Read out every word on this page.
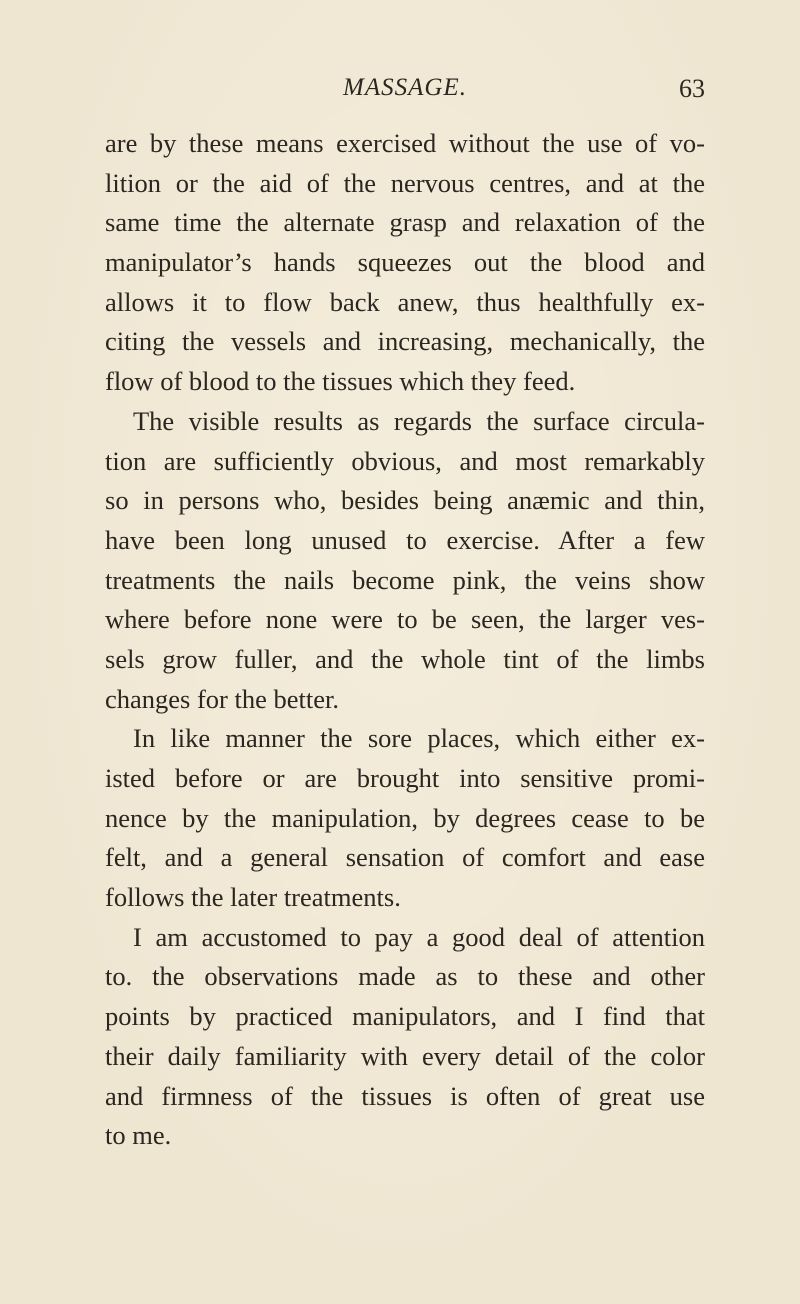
MASSAGE.	63
are by these means exercised without the use of vo-
lition or the aid of the nervous centres, and at the
same time the alternate grasp and relaxation of the
manipulator’s hands squeezes out the blood and
allows it to flow back anew, thus healthfully ex-
citing the vessels and increasing, mechanically, the
flow of blood to the tissues which they feed.
The visible results as regards the surface circula-
tion are sufficiently obvious, and most remarkably
so in persons who, besides being anæmic and thin,
have been long unused to exercise. After a few
treatments the nails become pink, the veins show
where before none were to be seen, the larger ves-
sels grow fuller, and the whole tint of the limbs
changes for the better.
In like manner the sore places, which either ex-
isted before or are brought into sensitive promi-
nence by the manipulation, by degrees cease to be
felt, and a general sensation of comfort and ease
follows the later treatments.
I am accustomed to pay a good deal of attention
to. the observations made as to these and other
points by practiced manipulators, and I find that
their daily familiarity with every detail of the color
and firmness of the tissues is often of great use
to me.
